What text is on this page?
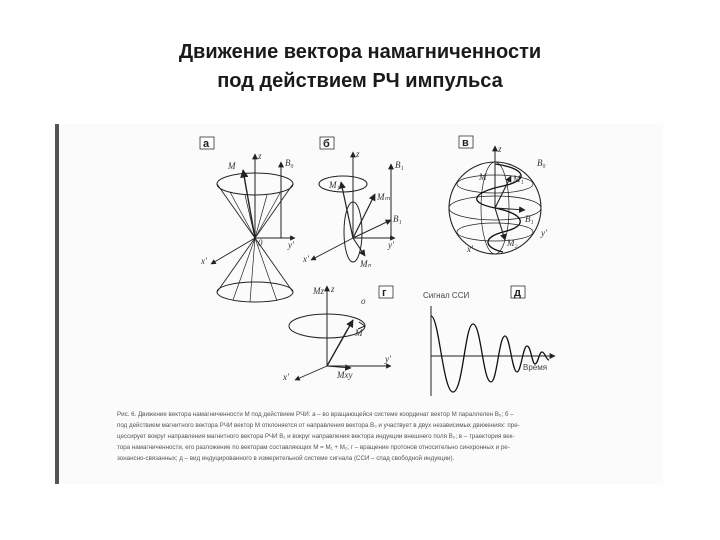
Движение вектора намагниченности
под действием РЧ импульса
а
z
B₀
M
y'
x'
0
б
z
B₁
M₁
Mₘ
B₁
y'
x'	Mₙ
в	z
B₀
M₁
B₁
M₂
M
x'
y'
г
z
o
Mz
M
Mxy
y'
x'
д
Сигнал ССИ
Время
Рис. 6. Движение вектора намагниченности M под действием РЧИ: а – во вращающейся системе координат вектор M параллелен B₀; б –
под действием магнитного вектора РЧИ вектор M отклоняется от направления вектора B₀ и участвует в двух независимых движениях: пре-
цессирует вокруг направления магнитного вектора РЧИ B₁ и вокруг направления вектора индукции внешнего поля B₀; в – траектория век-
тора намагниченности, его разложение по векторам составляющих M = M₁ + M₂; г – вращение протонов относительно синхронных и ре-
зонансно-связанных; д – вид индуцированного в измерительной системе сигнала (ССИ – спад свободной индукции).
